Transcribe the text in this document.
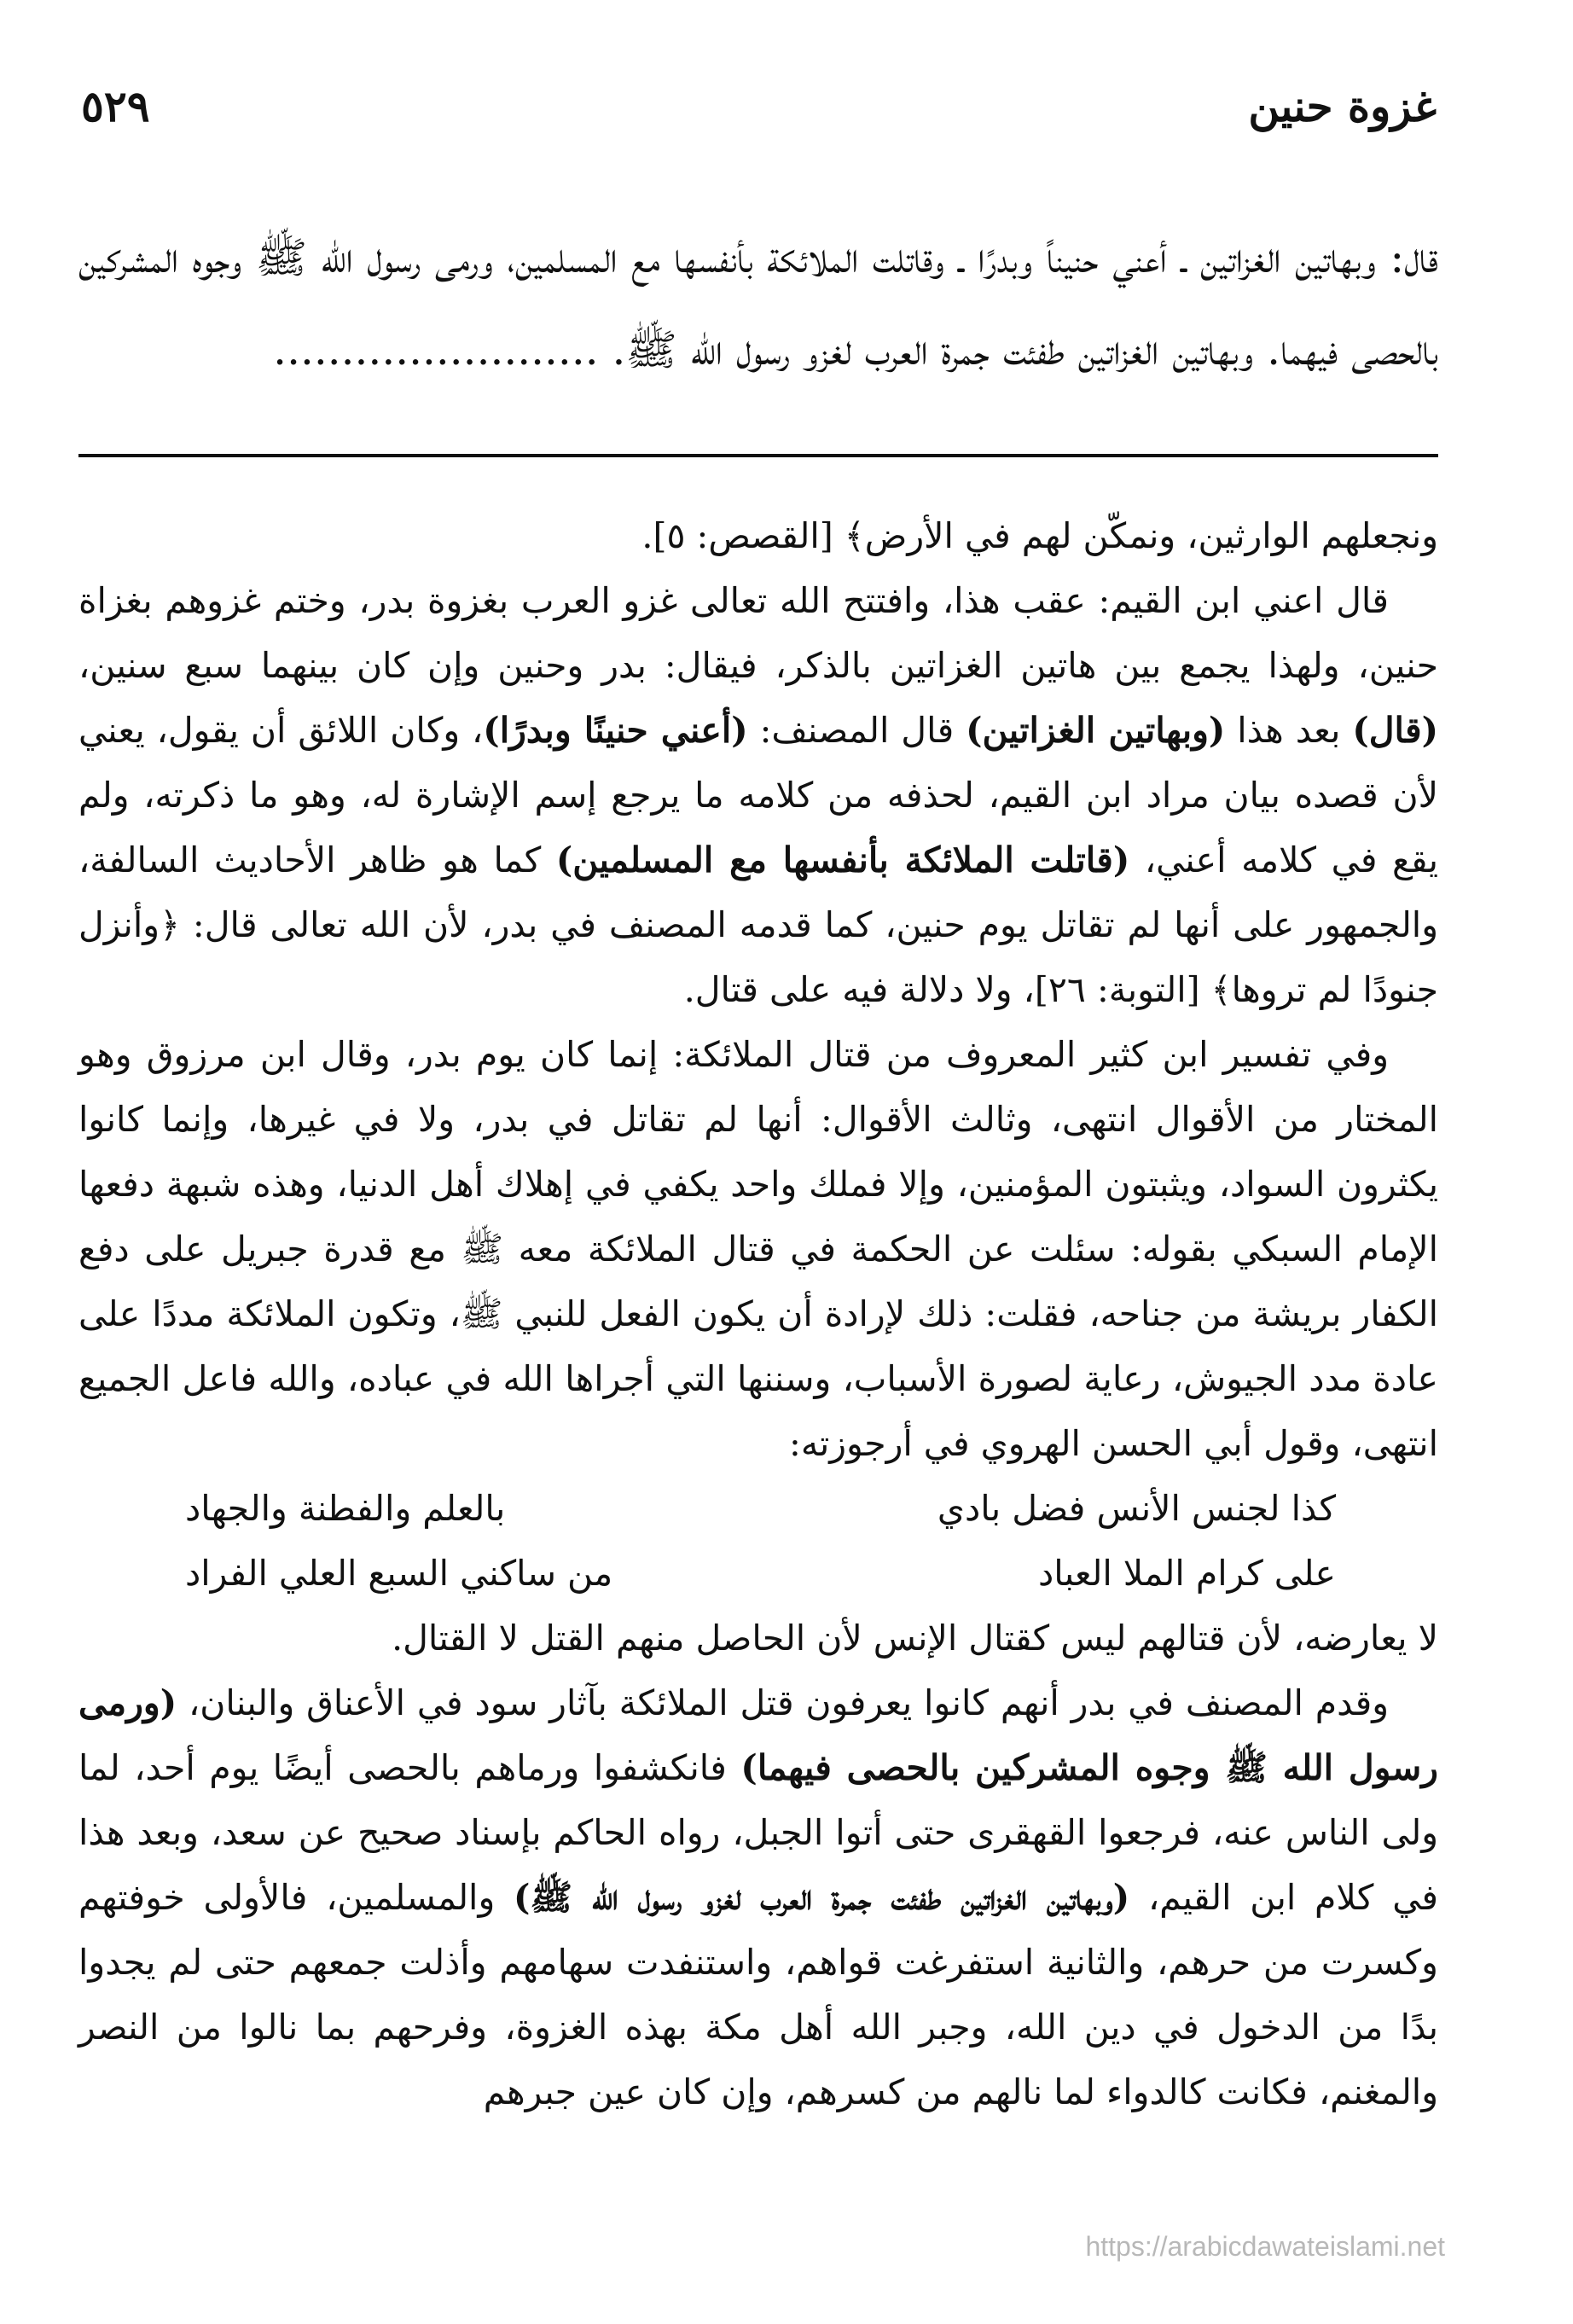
غزوة حنين
٥٢٩
قال: وبهاتين الغزاتين ـ أعني حنيناً وبدرًا ـ وقاتلت الملائكة بأنفسها مع المسلمين، ورمى رسول الله ﷺ وجوه المشركين بالحصى فيهما. وبهاتين الغزاتين طفئت جمرة العرب لغزو رسول الله ﷺ. ........................

ونجعلهم الوارثين، ونمكّن لهم في الأرض﴾ [القصص: ٥].

قال اعني ابن القيم: عقب هذا، وافتتح الله تعالى غزو العرب بغزوة بدر، وختم غزوهم بغزاة حنين، ولهذا يجمع بين هاتين الغزاتين بالذكر، فيقال: بدر وحنين وإن كان بينهما سبع سنين، (قال) بعد هذا (وبهاتين الغزاتين) قال المصنف: (أعني حنينًا وبدرًا)، وكان اللائق أن يقول، يعني لأن قصده بيان مراد ابن القيم، لحذفه من كلامه ما يرجع إسم الإشارة له، وهو ما ذكرته، ولم يقع في كلامه أعني، (قاتلت الملائكة بأنفسها مع المسلمين) كما هو ظاهر الأحاديث السالفة، والجمهور على أنها لم تقاتل يوم حنين، كما قدمه المصنف في بدر، لأن الله تعالى قال: ﴿وأنزل جنودًا لم تروها﴾ [التوبة: ٢٦]، ولا دلالة فيه على قتال.

وفي تفسير ابن كثير المعروف من قتال الملائكة: إنما كان يوم بدر، وقال ابن مرزوق وهو المختار من الأقوال انتهى، وثالث الأقوال: أنها لم تقاتل في بدر، ولا في غيرها، وإنما كانوا يكثرون السواد، ويثبتون المؤمنين، وإلا فملك واحد يكفي في إهلاك أهل الدنيا، وهذه شبهة دفعها الإمام السبكي بقوله: سئلت عن الحكمة في قتال الملائكة معه ﷺ مع قدرة جبريل على دفع الكفار بريشة من جناحه، فقلت: ذلك لإرادة أن يكون الفعل للنبي ﷺ، وتكون الملائكة مددًا على عادة مدد الجيوش، رعاية لصورة الأسباب، وسننها التي أجراها الله في عباده، والله فاعل الجميع انتهى، وقول أبي الحسن الهروي في أرجوزته:

كذا لجنس الأنس فضل بادي
بالعلم والفطنة والجهاد
على كرام الملا العباد
من ساكني السبع العلي الفراد

لا يعارضه، لأن قتالهم ليس كقتال الإنس لأن الحاصل منهم القتل لا القتال.

وقدم المصنف في بدر أنهم كانوا يعرفون قتل الملائكة بآثار سود في الأعناق والبنان، (ورمى رسول الله ﷺ وجوه المشركين بالحصى فيهما) فانكشفوا ورماهم بالحصى أيضًا يوم أحد، لما ولى الناس عنه، فرجعوا القهقرى حتى أتوا الجبل، رواه الحاكم بإسناد صحيح عن سعد، وبعد هذا في كلام ابن القيم، (وبهاتين الغزاتين طفئت جمرة العرب لغزو رسول الله ﷺ) والمسلمين، فالأولى خوفتهم وكسرت من حرهم، والثانية استفرغت قواهم، واستنفدت سهامهم وأذلت جمعهم حتى لم يجدوا بدًا من الدخول في دين الله، وجبر الله أهل مكة بهذه الغزوة، وفرحهم بما نالوا من النصر والمغنم، فكانت كالدواء لما نالهم من كسرهم، وإن كان عين جبرهم

https://arabicdawateislami.net
